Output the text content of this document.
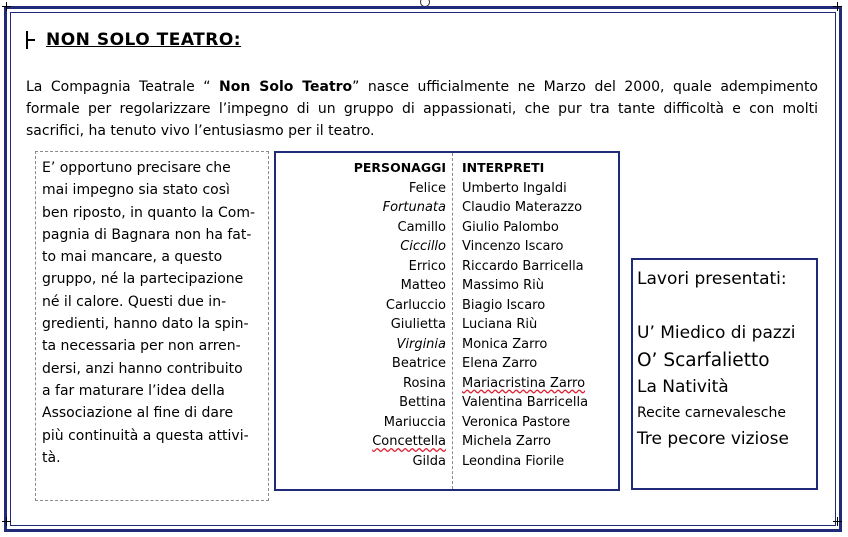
NON SOLO TEATRO:

La Compagnia Teatrale “ Non Solo Teatro” nasce ufficialmente ne Marzo del 2000, quale adempimento formale per regolarizzare l’impegno di un gruppo di appassionati, che pur tra tante difficoltà e con molti sacrifici, ha tenuto vivo l’entusiasmo per il teatro.

E’ opportuno precisare che
mai impegno sia stato così
ben riposto, in quanto la Com-
pagnia di Bagnara non ha fat-
to mai mancare, a questo
gruppo, né la partecipazione
né il calore. Questi due in-
gredienti, hanno dato la spin-
ta necessaria per non arren-
dersi, anzi hanno contribuito
a far maturare l’idea della
Associazione al fine di dare
più continuità a questa attivi-
tà.
PERSONAGGI
Felice
Fortunata
Camillo
Ciccillo
Errico
Matteo
Carluccio
Giulietta
Virginia
Beatrice
Rosina
Bettina
Mariuccia
Concettella
Gilda
INTERPRETI
Umberto Ingaldi
Claudio Materazzo
Giulio Palombo
Vincenzo Iscaro
Riccardo Barricella
Massimo Riù
Biagio Iscaro
Luciana Riù
Monica Zarro
Elena Zarro
Mariacristina Zarro
Valentina Barricella
Veronica Pastore
Michela Zarro
Leondina Fiorile
Lavori presentati:
U’ Miedico di pazzi
O’ Scarfalietto
La Natività
Recite carnevalesche
Tre pecore viziose
